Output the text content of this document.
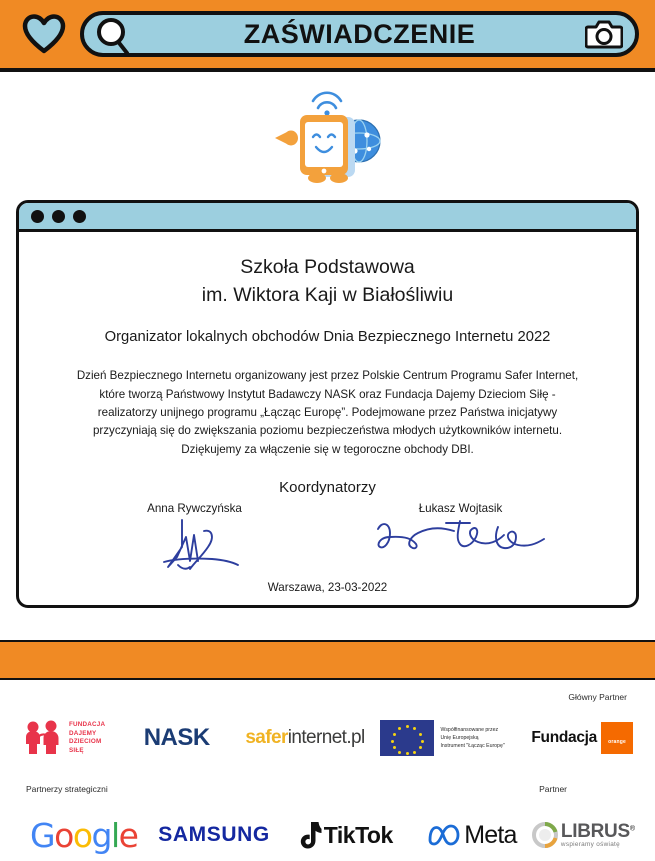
ZAŚWIADCZENIE
Szkoła Podstawowa
im. Wiktora Kaji w Białośliwiu
Organizator lokalnych obchodów Dnia Bezpiecznego Internetu 2022
Dzień Bezpiecznego Internetu organizowany jest przez Polskie Centrum Programu Safer Internet, które tworzą Państwowy Instytut Badawczy NASK oraz Fundacja Dajemy Dzieciom Siłę - realizatorzy unijnego programu „Łącząc Europę”. Podejmowane przez Państwa inicjatywy przyczyniają się do zwiększania poziomu bezpieczeństwa młodych użytkowników internetu. Dziękujemy za włączenie się w tegoroczne obchody DBI.
Koordynatorzy
Anna Rywczyńska	Łukasz Wojtasik
Warszawa, 23-03-2022
Główny Partner
Partnerzy strategiczni	Partner
FUNDACJA
DAJEMY
DZIECIOM
SIŁĘ	NASK	saferinternet.pl	Współfinansowane przez
Unię Europejską
Instrument "Łącząc Europę"
Fundacja orange
Google SAMSUNG	TikTok	Meta LIBRUS®
wspieramy oświatę
